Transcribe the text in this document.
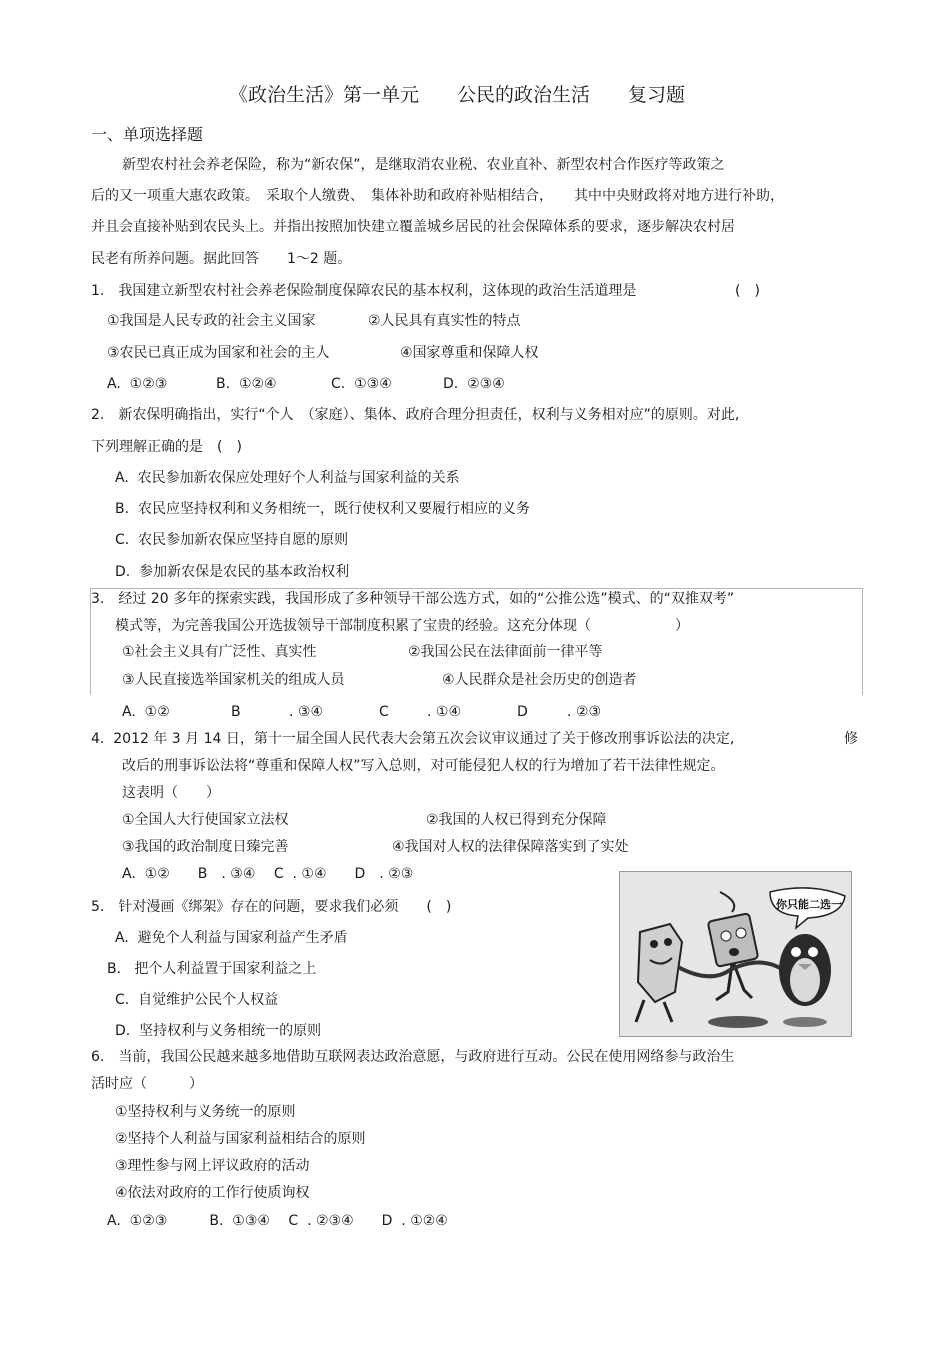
《政治生活》第一单元　　公民的政治生活　　复习题
一、单项选择题
新型农村社会养老保险，称为“新农保”，是继取消农业税、农业直补、新型农村合作医疗等政策之
后的又一项重大惠农政策。　采取个人缴费、　集体补助和政府补贴相结合，　　其中中央财政将对地方进行补助，
并且会直接补贴到农民头上。并指出按照加快建立覆盖城乡居民的社会保障体系的要求，逐步解决农村居
民老有所养问题。据此回答　　1～2 题。
1.　我国建立新型农村社会养老保险制度保障农民的基本权利，这体现的政治生活道理是	(　)
①我国是人民专政的社会主义国家	②人民具有真实性的特点
③农民已真正成为国家和社会的主人	④国家尊重和保障人权
A.  ①②③	B.  ①②④	C.  ①③④	D.  ②③④
2.　新农保明确指出，实行“个人　（家庭）、集体、政府合理分担责任，权利与义务相对应”的原则。对此,
下列理解正确的是　(　)
A.  农民参加新农保应处理好个人利益与国家利益的关系
B.  农民应坚持权利和义务相统一，既行使权利又要履行相应的义务
C.  农民参加新农保应坚持自愿的原则
D.  参加新农保是农民的基本政治权利
3.　经过 20 多年的探索实践，我国形成了多种领导干部公选方式，如的“公推公选”模式、的“双推双考”
模式等，为完善我国公开选拔领导干部制度积累了宝贵的经验。这充分体现（　　　　　　）
①社会主义具有广泛性、真实性	②我国公民在法律面前一律平等
③人民直接选举国家机关的组成人员	④人民群众是社会历史的创造者
A.  ①②	B	. ③④	C	. ①④	D	. ②③
4.  2012 年 3 月 14 日，第十一届全国人民代表大会第五次会议审议通过了关于修改刑事诉讼法的决定,	修
改后的刑事诉讼法将“尊重和保障人权”写入总则，对可能侵犯人权的行为增加了若干法律性规定。
这表明（　　）
①全国人大行使国家立法权	②我国的人权已得到充分保障
③我国的政治制度日臻完善	④我国对人权的法律保障落实到了实处
A.  ①②　　B　. ③④　 C  . ①④　　D　. ②③
5.　针对漫画《绑架》存在的问题，要求我们必须　　(　)
A.  避免个人利益与国家利益产生矛盾
B.   把个人利益置于国家利益之上
C.  自觉维护公民个人权益
D.  坚持权利与义务相统一的原则
你只能二选一
6.　当前，我国公民越来越多地借助互联网表达政治意愿，与政府进行互动。公民在使用网络参与政治生
活时应（　　　）
①坚持权利与义务统一的原则
②坚持个人利益与国家利益相结合的原则
③理性参与网上评议政府的活动
④依法对政府的工作行使质询权
A.  ①②③　　　B.  ①③④　 C  . ②③④　　D  . ①②④
